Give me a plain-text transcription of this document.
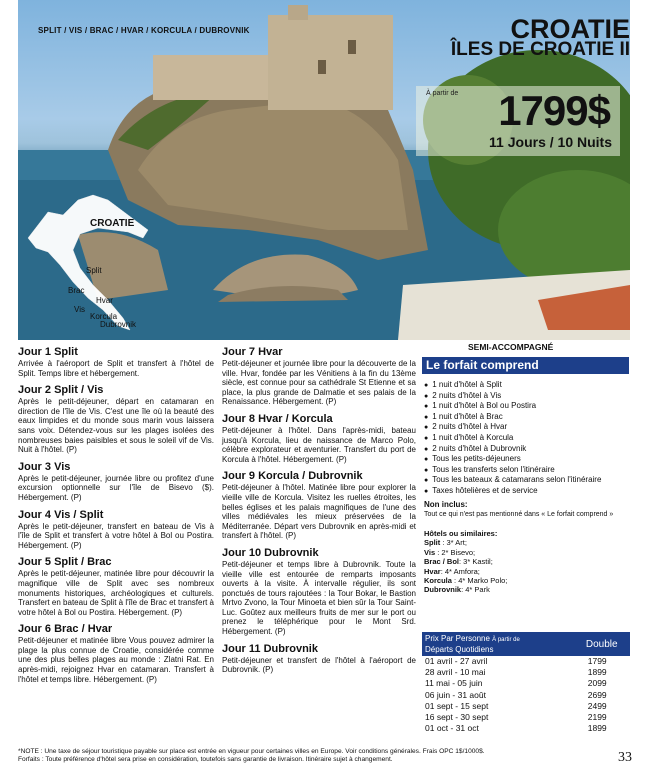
SPLIT / VIS / BRAC / HVAR / KORCULA / DUBROVNIK
CROATIE
Split
Brac
Hvar
Vis
Korcula
Dubrovnik
À partir de 1799$
11 Jours / 10 Nuits
CROATIE
ÎLES DE CROATIE II
Jour 1 Split

Arrivée à l'aéroport de Split et transfert à l'hôtel de Split. Temps libre et hébergement.

Jour 2 Split / Vis

Après le petit-déjeuner, départ en catamaran en direction de l'île de Vis. C'est une île où la beauté des eaux limpides et du monde sous marin vous laissera sans voix. Détendez-vous sur les plages isolées des nombreuses baies paisibles et sous le soleil vif de Vis. Nuit à l'hôtel. (P)

Jour 3 Vis

Après le petit-déjeuner, journée libre ou profitez d'une excursion optionnelle sur l'île de Bisevo ($). Hébergement. (P)

Jour 4 Vis / Split

Après le petit-déjeuner, transfert en bateau de Vis à l'île de Split et transfert à votre hôtel à Bol ou Postira. Hébergement. (P)

Jour 5 Split / Brac

Après le petit-déjeuner, matinée libre pour découvrir la magnifique ville de Split avec ses nombreux monuments historiques, archéologiques et culturels. Transfert en bateau de Split à l'île de Brac et transfert à votre hôtel à Bol ou Postira. Hébergement. (P)

Jour 6 Brac / Hvar

Petit-déjeuner et matinée libre Vous pouvez admirer la plage la plus connue de Croatie, considérée comme une des plus belles plages au monde : Zlatni Rat. En après-midi, rejoignez Hvar en catamaran. Transfert à l'hôtel et temps libre. Hébergement. (P)

Jour 7 Hvar

Petit-déjeuner et journée libre pour la découverte de la ville. Hvar, fondée par les Vénitiens à la fin du 13ème siècle, est connue pour sa cathédrale St Etienne et sa place, la plus grande de Dalmatie et ses palais de la Renaissance. Hébergement. (P)

Jour 8 Hvar / Korcula

Petit-déjeuner à l'hôtel. Dans l'après-midi, bateau jusqu'à Korcula, lieu de naissance de Marco Polo, célèbre explorateur et aventurier. Transfert du port de Korcula à l'hôtel. Hébergement. (P)

Jour 9 Korcula / Dubrovnik

Petit-déjeuner à l'hôtel. Matinée libre pour explorer la vieille ville de Korcula. Visitez les ruelles étroites, les belles églises et les palais magnifiques de l'une des villes médiévales les mieux préservées de la Méditerranée. Départ vers Dubrovnik en après-midi et transfert à l'hôtel. (P)

Jour 10 Dubrovnik

Petit-déjeuner et temps libre à Dubrovnik. Toute la vieille ville est entourée de remparts imposants ouverts à la visite. À intervalle régulier, ils sont ponctués de tours rajoutées : la Tour Bokar, le Bastion Mrtvo Zvono, la Tour Minoeta et bien sûr la Tour Saint-Luc. Goûtez aux meilleurs fruits de mer sur le port ou prenez le téléphérique pour le Mont Srd. Hébergement. (P)

Jour 11 Dubrovnik

Petit-déjeuner et transfert de l'hôtel à l'aéroport de Dubrovnik. (P)

SEMI-ACCOMPAGNÉ
Le forfait comprend
● 1 nuit d'hôtel à Split
● 2 nuits d'hôtel à Vis
● 1 nuit d'hôtel à Bol ou Postira
● 1 nuit d'hôtel à Brac
● 2 nuits d'hôtel à Hvar
● 1 nuit d'hôtel à Korcula
● 2 nuits d'hôtel à Dubrovnik
● Tous les petits-déjeuners
● Tous les transferts selon l'itinéraire
● Tous les bateaux & catamarans selon l'itinéraire
● Taxes hôtelières et de service
Non inclus:
Tout ce qui n'est pas mentionné dans « Le forfait comprend »
Hôtels ou similaires:
Split : 3* Art;
Vis : 2* Bisevo;
Brac / Bol: 3* Kastil;
Hvar: 4* Amfora;
Korcula : 4* Marko Polo;
Dubrovnik: 4* Park
Prix Par Personne À partir de
Départs Quotidiens	Double
01 avril - 27 avril	1799
28 avril - 10 mai	1899
11 mai - 05 juin	2099
06 juin - 31 août	2699
01 sept - 15 sept	2499
16 sept - 30 sept	2199
01 oct - 31 oct	1899
*NOTE : Une taxe de séjour touristique payable sur place est entrée en vigueur pour certaines villes en Europe. Voir conditions générales. Frais OPC 1$/1000$.
Forfaits : Toute préférence d'hôtel sera prise en considération, toutefois sans garantie de livraison. Itinéraire sujet à changement.	33
